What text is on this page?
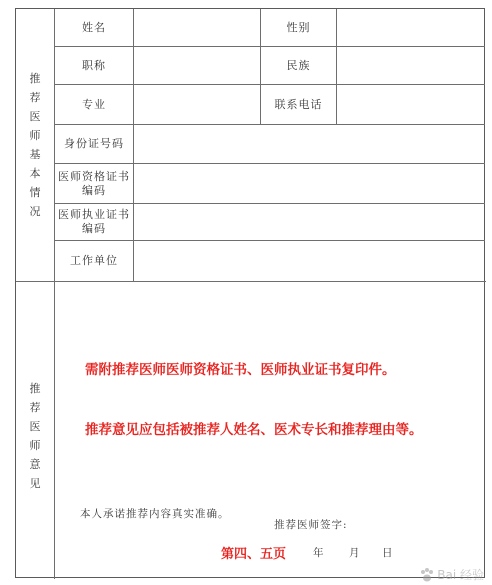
推荐医师基本情况
姓名	性别
职称	民族
专业	联系电话
身份证号码
医师资格证书编码
医师执业证书编码
工作单位
推荐医师意见
需附推荐医师医师资格证书、医师执业证书复印件。
推荐意见应包括被推荐人姓名、医术专长和推荐理由等。
本人承诺推荐内容真实准确。
推荐医师签字:
第四、五页	年 月 日
Bai 经验
